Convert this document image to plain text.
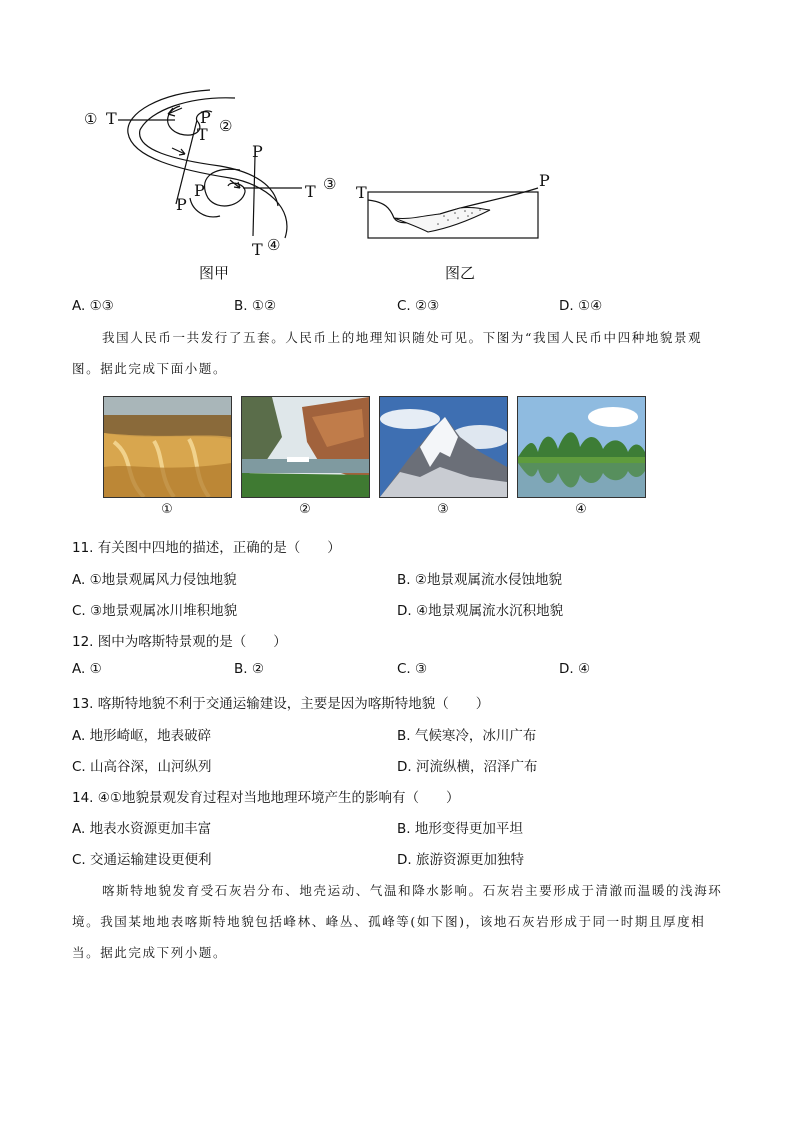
① T	P
T ②
P
P
P
T ③
T ④
图甲
T
P
图乙
A. ①③	B. ①②	C. ②③	D. ①④
我国人民币一共发行了五套。人民币上的地理知识随处可见。下图为“我国人民币中四种地貌景观
图。据此完成下面小题。
①	②	③	④
11. 有关图中四地的描述，正确的是（　　）
A. ①地景观属风力侵蚀地貌	B. ②地景观属流水侵蚀地貌
C. ③地景观属冰川堆积地貌	D. ④地景观属流水沉积地貌
12. 图中为喀斯特景观的是（　　）
A. ①	B. ②	C. ③	D. ④
13. 喀斯特地貌不利于交通运输建设，主要是因为喀斯特地貌（　　）
A. 地形崎岖，地表破碎	B. 气候寒冷，冰川广布
C. 山高谷深，山河纵列	D. 河流纵横，沼泽广布
14. ④①地貌景观发育过程对当地地理环境产生的影响有（　　）
A. 地表水资源更加丰富	B. 地形变得更加平坦
C. 交通运输建设更便利	D. 旅游资源更加独特
喀斯特地貌发育受石灰岩分布、地壳运动、气温和降水影响。石灰岩主要形成于清澈而温暖的浅海环
境。我国某地地表喀斯特地貌包括峰林、峰丛、孤峰等(如下图)，该地石灰岩形成于同一时期且厚度相
当。据此完成下列小题。
